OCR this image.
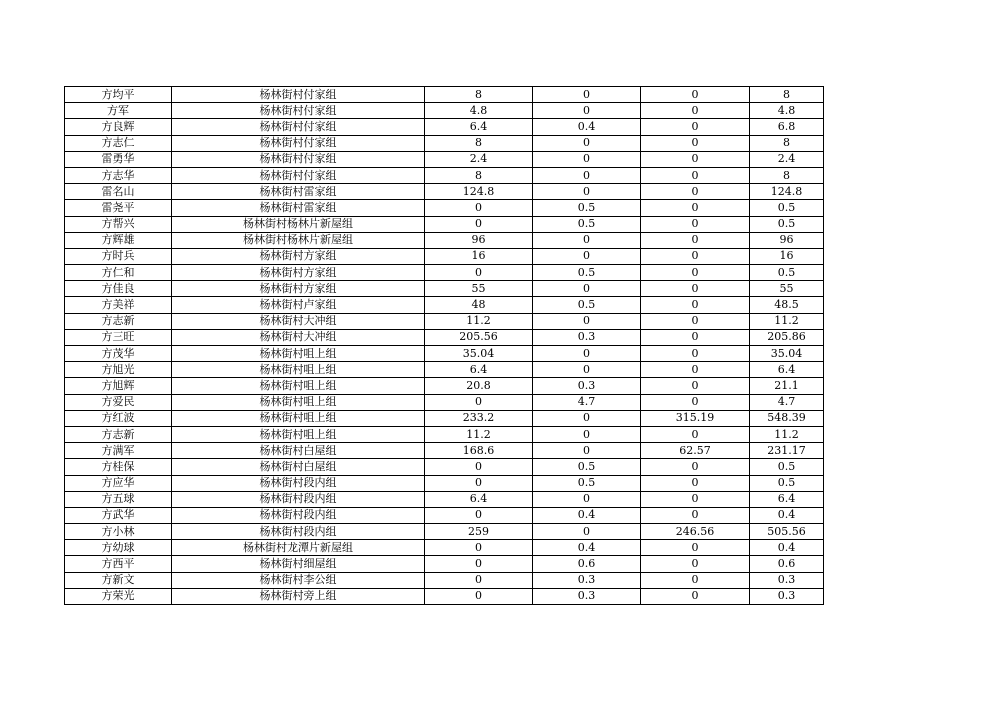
方均平	杨林街村付家组	8	0	0	8
方军	杨林街村付家组	4.8	0	0	4.8
方良辉	杨林街村付家组	6.4	0.4	0	6.8
方志仁	杨林街村付家组	8	0	0	8
雷勇华	杨林街村付家组	2.4	0	0	2.4
方志华	杨林街村付家组	8	0	0	8
雷名山	杨林街村雷家组	124.8	0	0	124.8
雷尧平	杨林街村雷家组	0	0.5	0	0.5
方帮兴	杨林街村杨林片新屋组	0	0.5	0	0.5
方辉雄	杨林街村杨林片新屋组	96	0	0	96
方时兵	杨林街村方家组	16	0	0	16
方仁和	杨林街村方家组	0	0.5	0	0.5
方佳良	杨林街村方家组	55	0	0	55
方美祥	杨林街村卢家组	48	0.5	0	48.5
方志新	杨林街村大冲组	11.2	0	0	11.2
方三旺	杨林街村大冲组	205.56	0.3	0	205.86
方茂华	杨林街村咀上组	35.04	0	0	35.04
方旭光	杨林街村咀上组	6.4	0	0	6.4
方旭辉	杨林街村咀上组	20.8	0.3	0	21.1
方爱民	杨林街村咀上组	0	4.7	0	4.7
方红波	杨林街村咀上组	233.2	0	315.19	548.39
方志新	杨林街村咀上组	11.2	0	0	11.2
方满军	杨林街村白屋组	168.6	0	62.57	231.17
方桂保	杨林街村白屋组	0	0.5	0	0.5
方应华	杨林街村段内组	0	0.5	0	0.5
方五球	杨林街村段内组	6.4	0	0	6.4
方武华	杨林街村段内组	0	0.4	0	0.4
方小林	杨林街村段内组	259	0	246.56	505.56
方幼球	杨林街村龙潭片新屋组	0	0.4	0	0.4
方西平	杨林街村细屋组	0	0.6	0	0.6
方新文	杨林街村李公组	0	0.3	0	0.3
方荣光	杨林街村旁上组	0	0.3	0	0.3
